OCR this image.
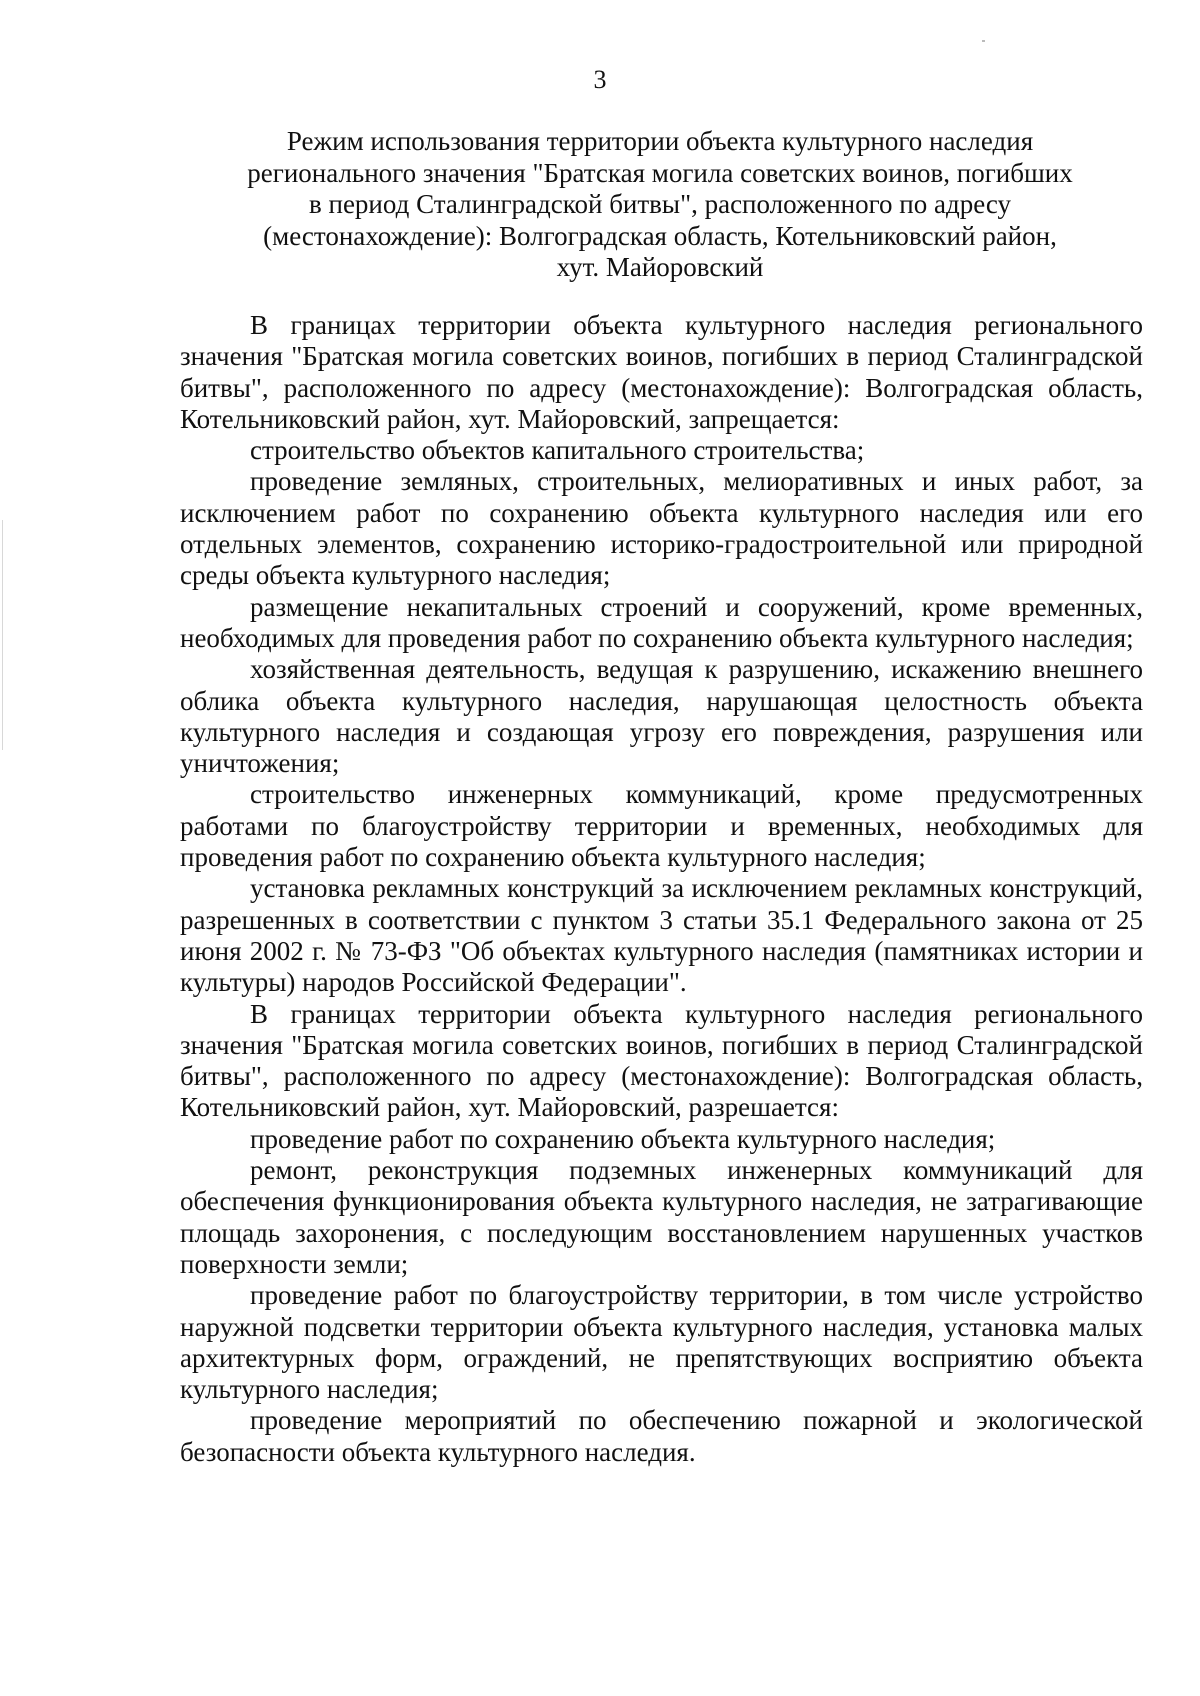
3
Режим использования территории объекта культурного наследия
регионального значения "Братская могила советских воинов, погибших
в период Сталинградской битвы", расположенного по адресу
(местонахождение): Волгоградская область, Котельниковский район,
хут. Майоровский

В границах территории объекта культурного наследия регионального значения "Братская могила советских воинов, погибших в период Сталинградской битвы", расположенного по адресу (местонахождение): Волгоградская область, Котельниковский район, хут. Майоровский, запрещается:

строительство объектов капитального строительства;

проведение земляных, строительных, мелиоративных и иных работ, за исключением работ по сохранению объекта культурного наследия или его отдельных элементов, сохранению историко-градостроительной или природной среды объекта культурного наследия;

размещение некапитальных строений и сооружений, кроме временных, необходимых для проведения работ по сохранению объекта культурного наследия;

хозяйственная деятельность, ведущая к разрушению, искажению внешнего облика объекта культурного наследия, нарушающая целостность объекта культурного наследия и создающая угрозу его повреждения, разрушения или уничтожения;

строительство инженерных коммуникаций, кроме предусмотренных работами по благоустройству территории и временных, необходимых для проведения работ по сохранению объекта культурного наследия;

установка рекламных конструкций за исключением рекламных конструкций, разрешенных в соответствии с пунктом 3 статьи 35.1 Федерального закона от 25 июня 2002 г. № 73-ФЗ "Об объектах культурного наследия (памятниках истории и культуры) народов Российской Федерации".

В границах территории объекта культурного наследия регионального значения "Братская могила советских воинов, погибших в период Сталинградской битвы", расположенного по адресу (местонахождение): Волгоградская область, Котельниковский район, хут. Майоровский, разрешается:

проведение работ по сохранению объекта культурного наследия;

ремонт, реконструкция подземных инженерных коммуникаций для обеспечения функционирования объекта культурного наследия, не затрагивающие площадь захоронения, с последующим восстановлением нарушенных участков поверхности земли;

проведение работ по благоустройству территории, в том числе устройство наружной подсветки территории объекта культурного наследия, установка малых архитектурных форм, ограждений, не препятствующих восприятию объекта культурного наследия;

проведение мероприятий по обеспечению пожарной и экологической безопасности объекта культурного наследия.
